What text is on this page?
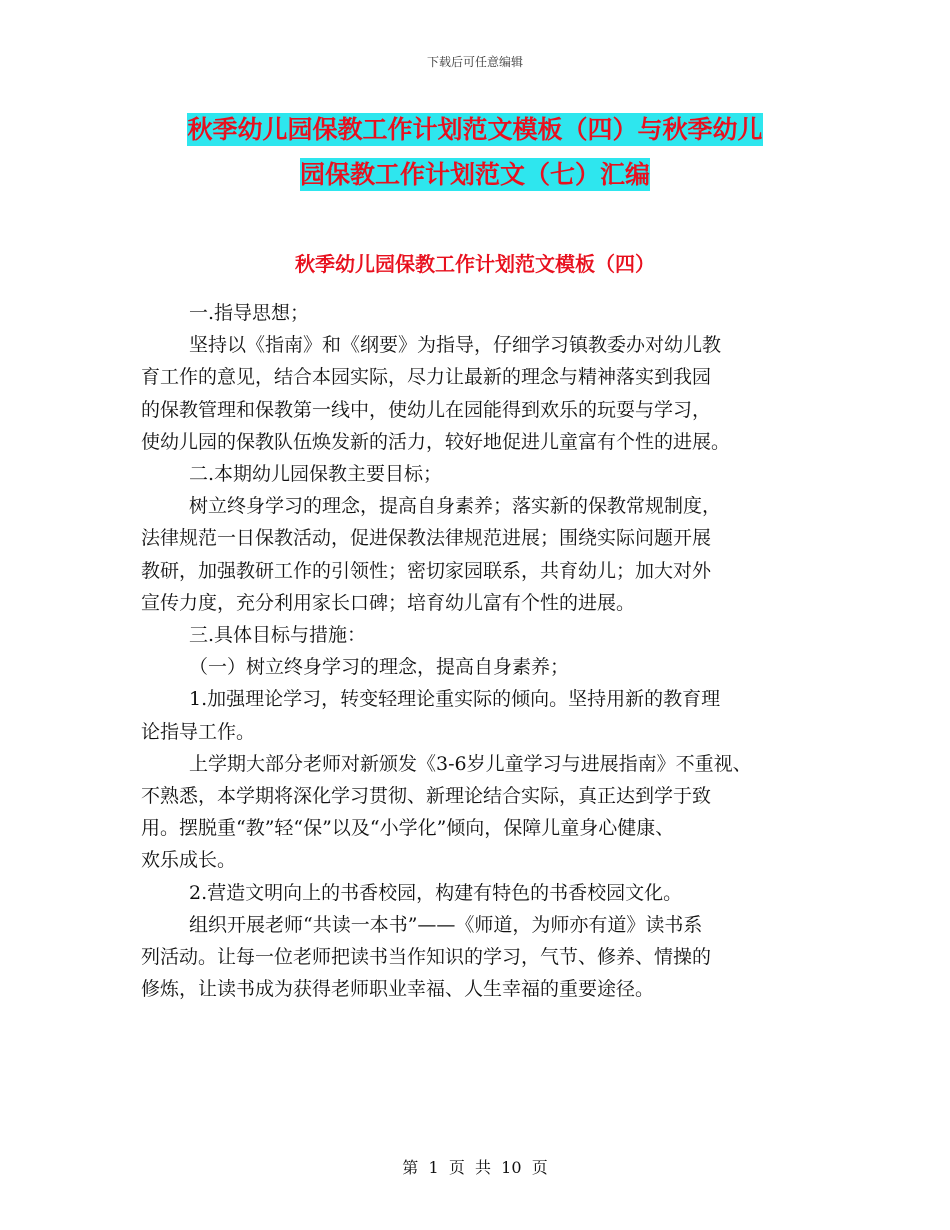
下载后可任意编辑
秋季幼儿园保教工作计划范文模板（四）与秋季幼儿
园保教工作计划范文（七）汇编
秋季幼儿园保教工作计划范文模板（四）

一.指导思想；

坚持以《指南》和《纲要》为指导，仔细学习镇教委办对幼儿教

育工作的意见，结合本园实际，尽力让最新的理念与精神落实到我园

的保教管理和保教第一线中，使幼儿在园能得到欢乐的玩耍与学习，

使幼儿园的保教队伍焕发新的活力，较好地促进儿童富有个性的进展。

二.本期幼儿园保教主要目标；

树立终身学习的理念，提高自身素养；落实新的保教常规制度，

法律规范一日保教活动，促进保教法律规范进展；围绕实际问题开展

教研，加强教研工作的引领性；密切家园联系，共育幼儿；加大对外

宣传力度，充分利用家长口碑；培育幼儿富有个性的进展。

三.具体目标与措施：

（一）树立终身学习的理念，提高自身素养；

1.加强理论学习，转变轻理论重实际的倾向。坚持用新的教育理

论指导工作。

上学期大部分老师对新颁发《3-6岁儿童学习与进展指南》不重视、

不熟悉，本学期将深化学习贯彻、新理论结合实际，真正达到学于致

用。摆脱重“教”轻“保”以及“小学化”倾向，保障儿童身心健康、

欢乐成长。

2.营造文明向上的书香校园，构建有特色的书香校园文化。

组织开展老师“共读一本书”——《师道，为师亦有道》读书系

列活动。让每一位老师把读书当作知识的学习，气节、修养、情操的

修炼，让读书成为获得老师职业幸福、人生幸福的重要途径。

第  1  页  共  10  页
